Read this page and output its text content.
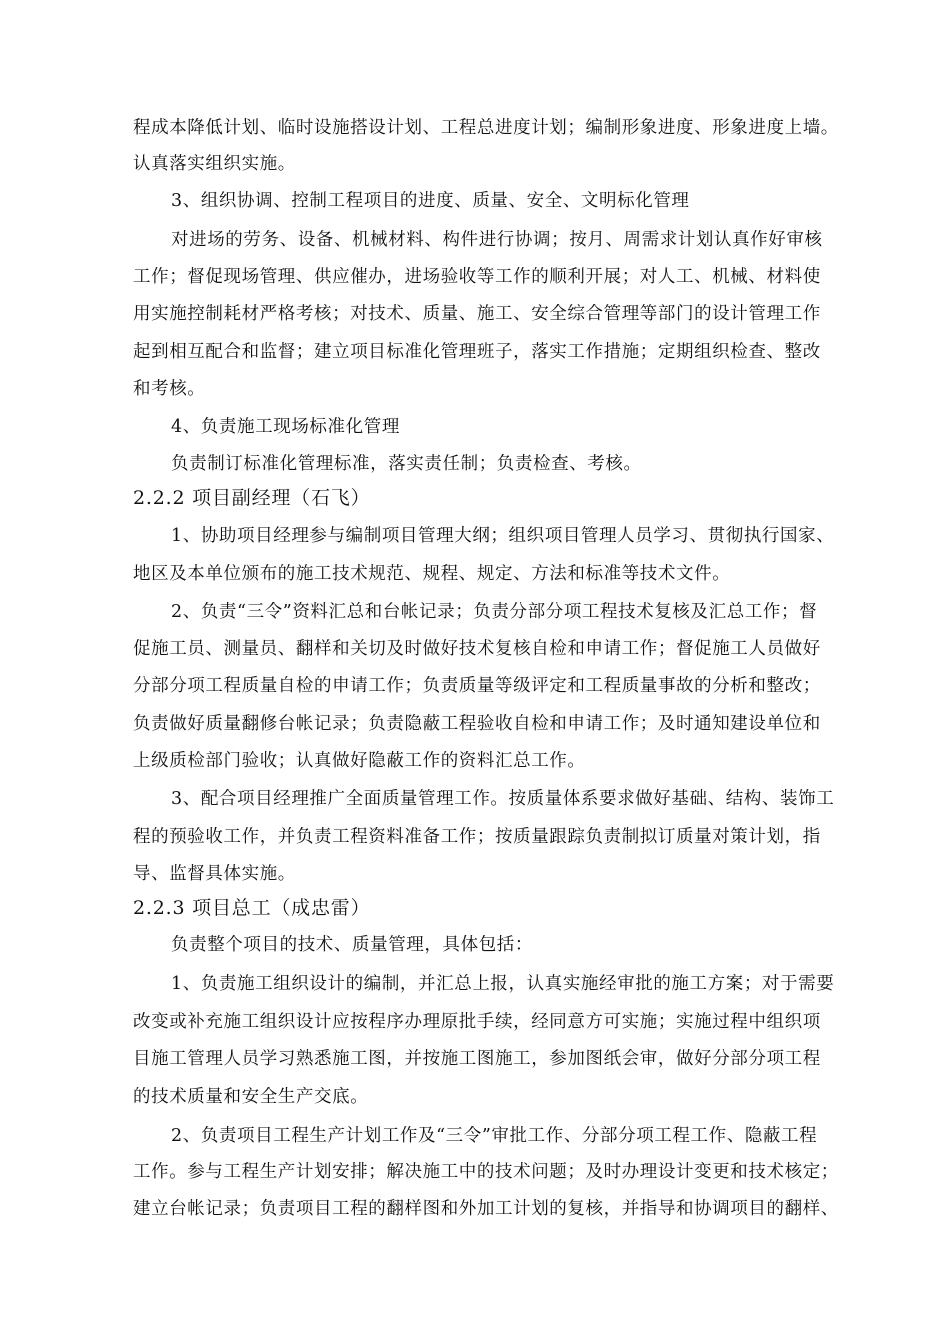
程成本降低计划、临时设施搭设计划、工程总进度计划；编制形象进度、形象进度上墙。
认真落实组织实施。
3、组织协调、控制工程项目的进度、质量、安全、文明标化管理
对进场的劳务、设备、机械材料、构件进行协调；按月、周需求计划认真作好审核
工作；督促现场管理、供应催办，进场验收等工作的顺利开展；对人工、机械、材料使
用实施控制耗材严格考核；对技术、质量、施工、安全综合管理等部门的设计管理工作
起到相互配合和监督；建立项目标准化管理班子，落实工作措施；定期组织检查、整改
和考核。
4、负责施工现场标准化管理
负责制订标准化管理标准，落实责任制；负责检查、考核。
2.2.2 项目副经理（石飞）
1、协助项目经理参与编制项目管理大纲；组织项目管理人员学习、贯彻执行国家、
地区及本单位颁布的施工技术规范、规程、规定、方法和标准等技术文件。
2、负责“三令”资料汇总和台帐记录；负责分部分项工程技术复核及汇总工作；督
促施工员、测量员、翻样和关切及时做好技术复核自检和申请工作；督促施工人员做好
分部分项工程质量自检的申请工作；负责质量等级评定和工程质量事故的分析和整改；
负责做好质量翻修台帐记录；负责隐蔽工程验收自检和申请工作；及时通知建设单位和
上级质检部门验收；认真做好隐蔽工作的资料汇总工作。
3、配合项目经理推广全面质量管理工作。按质量体系要求做好基础、结构、装饰工
程的预验收工作，并负责工程资料准备工作；按质量跟踪负责制拟订质量对策计划，指
导、监督具体实施。
2.2.3 项目总工（成忠雷）
负责整个项目的技术、质量管理，具体包括：
1、负责施工组织设计的编制，并汇总上报，认真实施经审批的施工方案；对于需要
改变或补充施工组织设计应按程序办理原批手续，经同意方可实施；实施过程中组织项
目施工管理人员学习熟悉施工图，并按施工图施工，参加图纸会审，做好分部分项工程
的技术质量和安全生产交底。
2、负责项目工程生产计划工作及“三令”审批工作、分部分项工程工作、隐蔽工程
工作。参与工程生产计划安排；解决施工中的技术问题；及时办理设计变更和技术核定；
建立台帐记录；负责项目工程的翻样图和外加工计划的复核，并指导和协调项目的翻样、
